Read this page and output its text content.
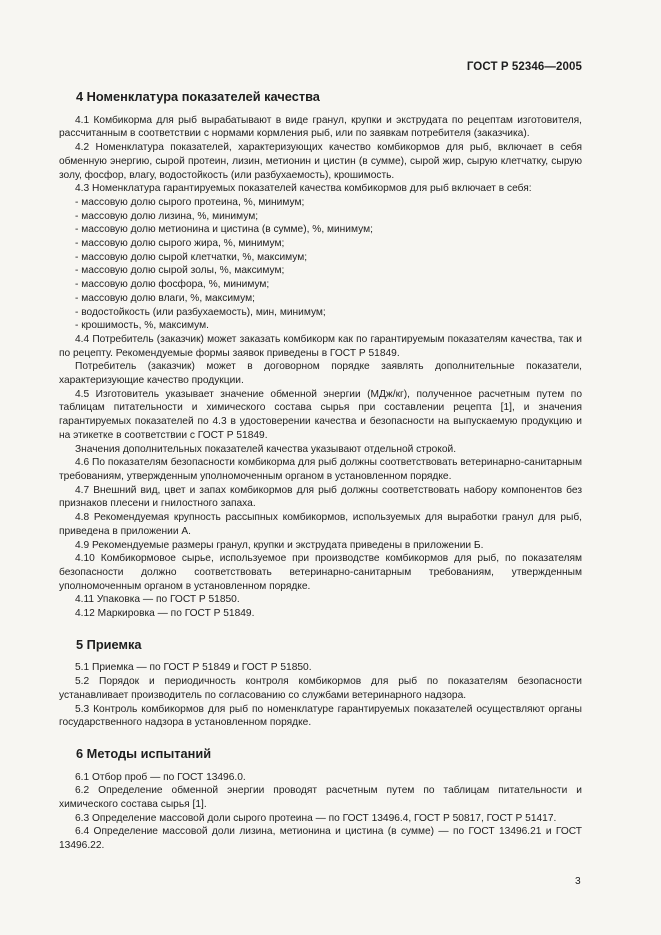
ГОСТ Р 52346—2005
4 Номенклатура показателей качества

4.1 Комбикорма для рыб вырабатывают в виде гранул, крупки и экструдата по рецептам изготовителя, рассчитанным в соответствии с нормами кормления рыб, или по заявкам потребителя (заказчика).

4.2 Номенклатура показателей, характеризующих качество комбикормов для рыб, включает в себя обменную энергию, сырой протеин, лизин, метионин и цистин (в сумме), сырой жир, сырую клетчатку, сырую золу, фосфор, влагу, водостойкость (или разбухаемость), крошимость.

4.3 Номенклатура гарантируемых показателей качества комбикормов для рыб включает в себя:

- массовую долю сырого протеина, %, минимум;
- массовую долю лизина, %, минимум;
- массовую долю метионина и цистина (в сумме), %, минимум;
- массовую долю сырого жира, %, минимум;
- массовую долю сырой клетчатки, %, максимум;
- массовую долю сырой золы, %, максимум;
- массовую долю фосфора, %, минимум;
- массовую долю влаги, %, максимум;
- водостойкость (или разбухаемость), мин, минимум;
- крошимость, %, максимум.

4.4 Потребитель (заказчик) может заказать комбикорм как по гарантируемым показателям качества, так и по рецепту. Рекомендуемые формы заявок приведены в ГОСТ Р 51849.

Потребитель (заказчик) может в договорном порядке заявлять дополнительные показатели, характеризующие качество продукции.

4.5 Изготовитель указывает значение обменной энергии (МДж/кг), полученное расчетным путем по таблицам питательности и химического состава сырья при составлении рецепта [1], и значения гарантируемых показателей по 4.3 в удостоверении качества и безопасности на выпускаемую продукцию и на этикетке в соответствии с ГОСТ Р 51849.

Значения дополнительных показателей качества указывают отдельной строкой.

4.6 По показателям безопасности комбикорма для рыб должны соответствовать ветеринарно-санитарным требованиям, утвержденным уполномоченным органом в установленном порядке.

4.7 Внешний вид, цвет и запах комбикормов для рыб должны соответствовать набору компонентов без признаков плесени и гнилостного запаха.

4.8 Рекомендуемая крупность рассыпных комбикормов, используемых для выработки гранул для рыб, приведена в приложении А.

4.9 Рекомендуемые размеры гранул, крупки и экструдата приведены в приложении Б.

4.10 Комбикормовое сырье, используемое при производстве комбикормов для рыб, по показателям безопасности должно соответствовать ветеринарно-санитарным требованиям, утвержденным уполномоченным органом в установленном порядке.

4.11 Упаковка — по ГОСТ Р 51850.

4.12 Маркировка — по ГОСТ Р 51849.

5 Приемка

5.1 Приемка — по ГОСТ Р 51849 и ГОСТ Р 51850.

5.2 Порядок и периодичность контроля комбикормов для рыб по показателям безопасности устанавливает производитель по согласованию со службами ветеринарного надзора.

5.3 Контроль комбикормов для рыб по номенклатуре гарантируемых показателей осуществляют органы государственного надзора в установленном порядке.

6 Методы испытаний

6.1 Отбор проб — по ГОСТ 13496.0.

6.2 Определение обменной энергии проводят расчетным путем по таблицам питательности и химического состава сырья [1].

6.3 Определение массовой доли сырого протеина — по ГОСТ 13496.4, ГОСТ Р 50817, ГОСТ Р 51417.

6.4 Определение массовой доли лизина, метионина и цистина (в сумме) — по ГОСТ 13496.21 и ГОСТ 13496.22.

3
